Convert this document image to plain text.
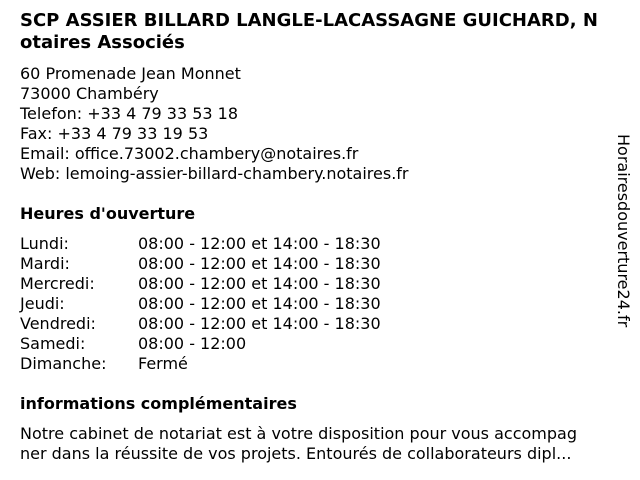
SCP ASSIER BILLARD LANGLE-LACASSAGNE GUICHARD, Notaires Associés
60 Promenade Jean Monnet
73000 Chambéry
Telefon: +33 4 79 33 53 18
Fax: +33 4 79 33 19 53
Email: office.73002.chambery@notaires.fr
Web: lemoing-assier-billard-chambery.notaires.fr
Heures d'ouverture
Lundi:	08:00 - 12:00 et 14:00 - 18:30
Mardi:	08:00 - 12:00 et 14:00 - 18:30
Mercredi:	08:00 - 12:00 et 14:00 - 18:30
Jeudi:	08:00 - 12:00 et 14:00 - 18:30
Vendredi:	08:00 - 12:00 et 14:00 - 18:30
Samedi:	08:00 - 12:00
Dimanche:	Fermé
informations complémentaires
Notre cabinet de notariat est à votre disposition pour vous accompag
ner dans la réussite de vos projets. Entourés de collaborateurs dipl...
Horairesdouverture24.fr
